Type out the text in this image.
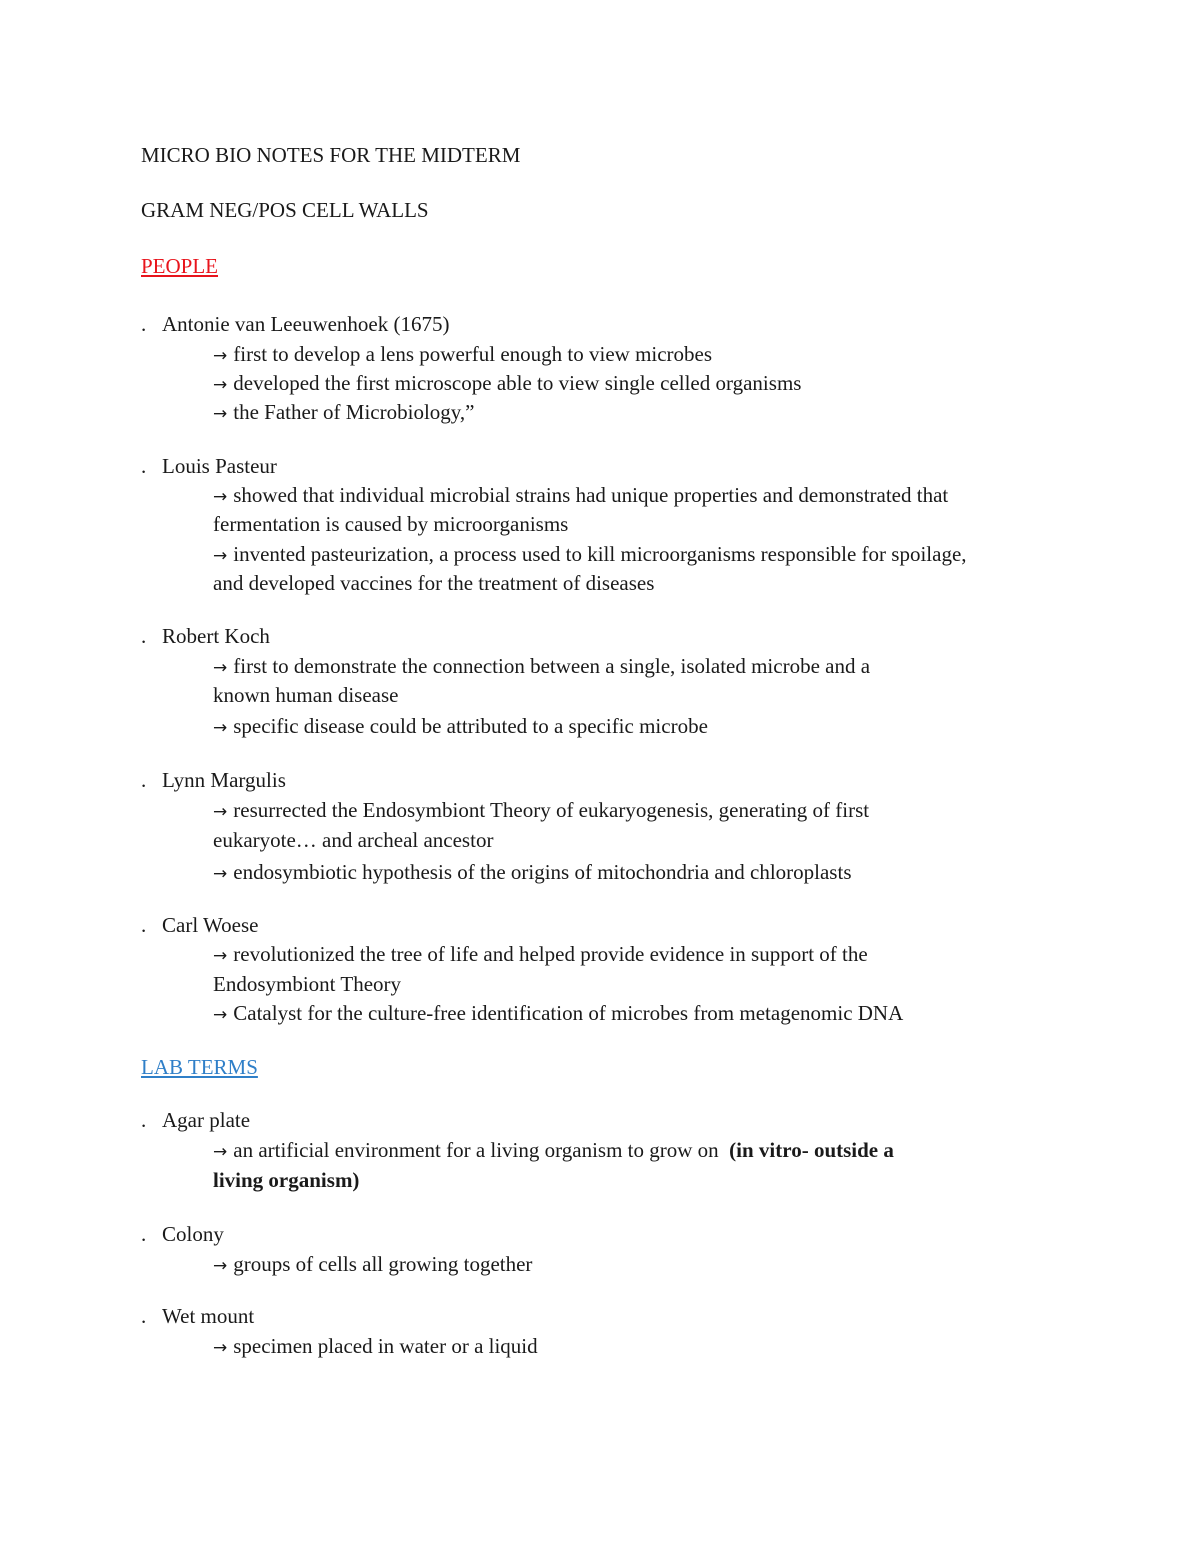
MICRO BIO NOTES FOR THE MIDTERM
GRAM NEG/POS CELL WALLS
PEOPLE
. Antonie van Leeuwenhoek (1675)
→ first to develop a lens powerful enough to view microbes
→ developed the first microscope able to view single celled organisms
→ the Father of Microbiology,”
. Louis Pasteur
→ showed that individual microbial strains had unique properties and demonstrated that
fermentation is caused by microorganisms
→ invented pasteurization, a process used to kill microorganisms responsible for spoilage,
and developed vaccines for the treatment of diseases
. Robert Koch
→ first to demonstrate the connection between a single, isolated microbe and a
known human disease
→ specific disease could be attributed to a specific microbe
. Lynn Margulis
→ resurrected the Endosymbiont Theory of eukaryogenesis, generating of first
eukaryote… and archeal ancestor
→ endosymbiotic hypothesis of the origins of mitochondria and chloroplasts
. Carl Woese
→ revolutionized the tree of life and helped provide evidence in support of the
Endosymbiont Theory
→ Catalyst for the culture-free identification of microbes from metagenomic DNA
LAB TERMS
. Agar plate
→ an artificial environment for a living organism to grow on (in vitro- outside a
living organism)
. Colony
→ groups of cells all growing together
. Wet mount
→ specimen placed in water or a liquid
